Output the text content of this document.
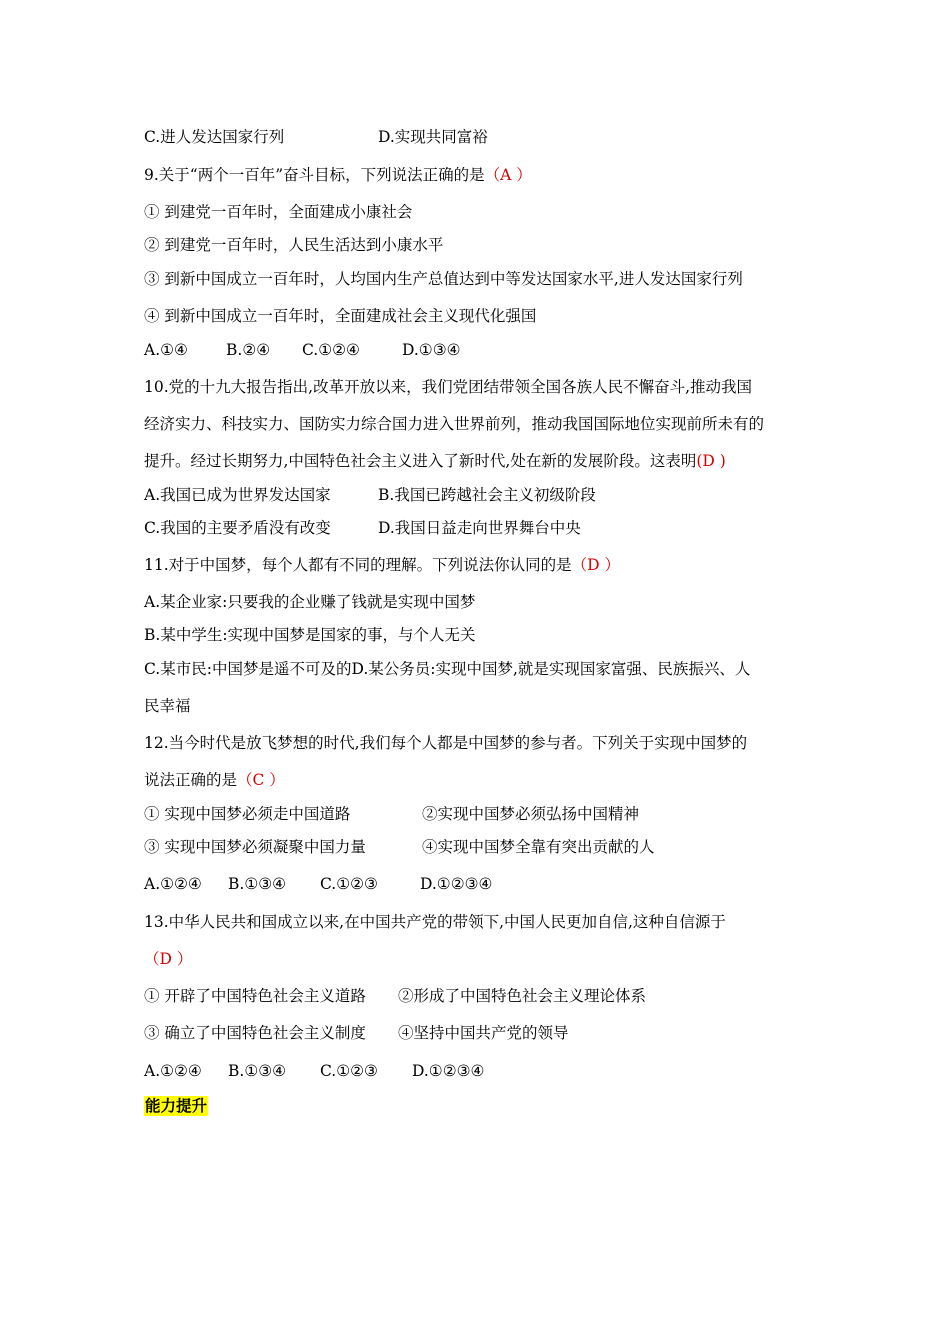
C.进人发达国家行列	D.实现共同富裕
9.关于“两个一百年”奋斗目标，下列说法正确的是（A ）
① 到建党一百年时，全面建成小康社会
② 到建党一百年时，人民生活达到小康水平
③ 到新中国成立一百年时，人均国内生产总值达到中等发达国家水平,进人发达国家行列
④ 到新中国成立一百年时，全面建成社会主义现代化强国
A.①④ B.②④ C.①②④	D.①③④
10.党的十九大报告指出,改革开放以来，我们党团结带领全国各族人民不懈奋斗,推动我国
经济实力、科技实力、国防实力综合国力进入世界前列，推动我国国际地位实现前所未有的
提升。经过长期努力,中国特色社会主义进入了新时代,处在新的发展阶段。这表明(D )
A.我国已成为世界发达国家	B.我国已跨越社会主义初级阶段
C.我国的主要矛盾没有改变	D.我国日益走向世界舞台中央
11.对于中国梦，每个人都有不同的理解。下列说法你认同的是（D ）
A.某企业家:只要我的企业赚了钱就是实现中国梦
B.某中学生:实现中国梦是国家的事，与个人无关
C.某市民:中国梦是遥不可及的D.某公务员:实现中国梦,就是实现国家富强、民族振兴、人
民幸福
12.当今时代是放飞梦想的时代,我们每个人都是中国梦的参与者。下列关于实现中国梦的
说法正确的是（C ）
① 实现中国梦必须走中国道路	②实现中国梦必须弘扬中国精神
③ 实现中国梦必须凝聚中国力量	④实现中国梦全靠有突出贡献的人
A.①②④ B.①③④ C.①②③	D.①②③④
13.中华人民共和国成立以来,在中国共产党的带领下,中国人民更加自信,这种自信源于
（D ）
① 开辟了中国特色社会主义道路 ②形成了中国特色社会主义理论体系
③ 确立了中国特色社会主义制度 ④坚持中国共产党的领导
A.①②④ B.①③④ C.①②③ D.①②③④
能力提升
